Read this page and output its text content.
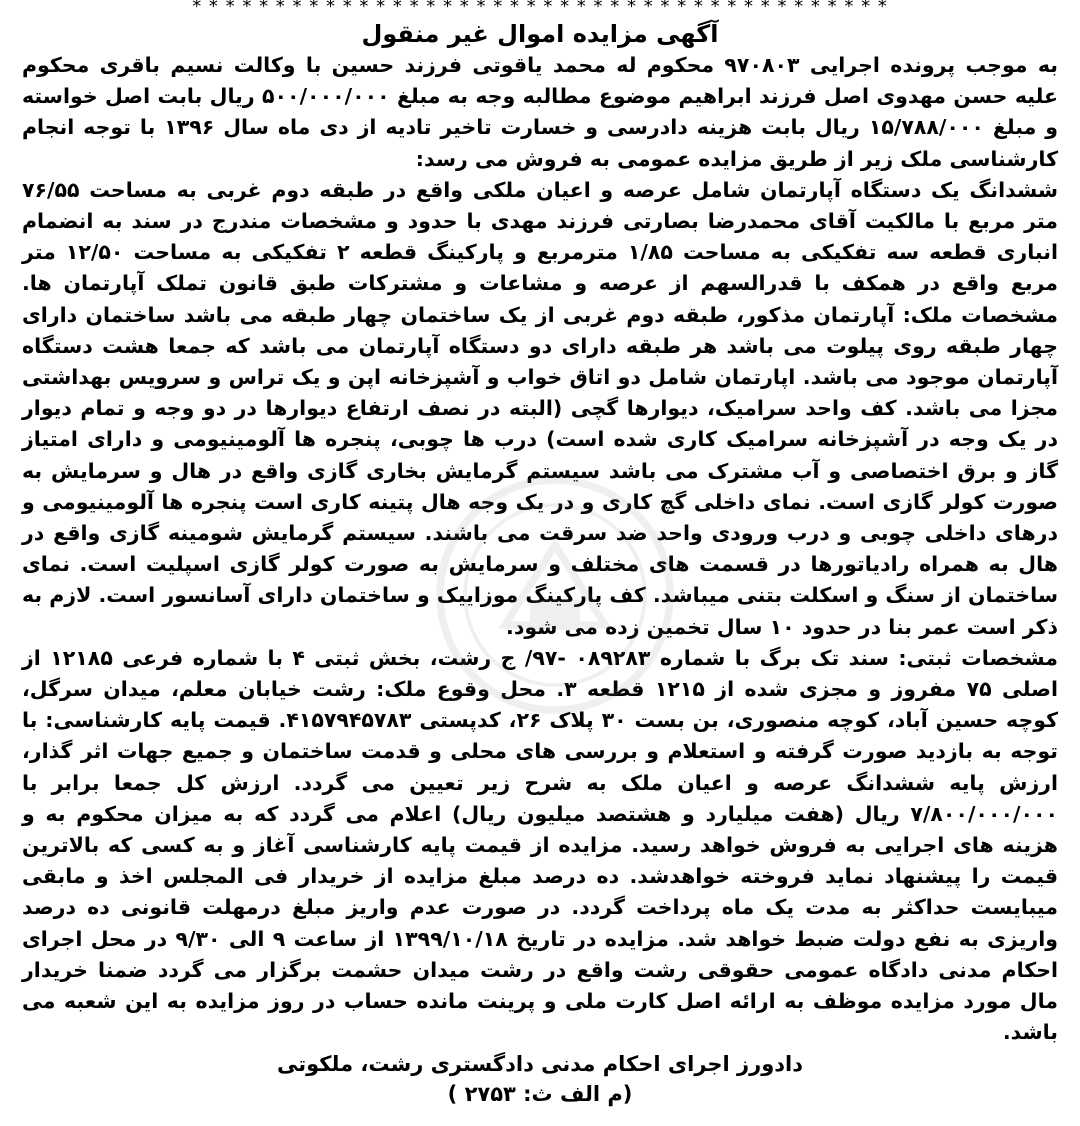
* * * * * * * * * * * * * * * * * * * * * * * * * * * * * * * * * * * * * * * * * *
آگهی مزایده اموال غیر منقول

به موجب پرونده اجرایی ۹۷۰۸۰۳ محکوم له محمد یاقوتی فرزند حسین با وکالت نسیم باقری محکوم علیه حسن مهدوی اصل فرزند ابراهیم موضوع مطالبه وجه به مبلغ ۵۰۰/۰۰۰/۰۰۰ ریال بابت اصل خواسته و مبلغ ۱۵/۷۸۸/۰۰۰ ریال بابت هزینه دادرسی و خسارت تاخیر تادیه از دی ماه سال ۱۳۹۶ با توجه انجام کارشناسی ملک زیر از طریق مزایده عمومی به فروش می رسد:

ششدانگ یک دستگاه آپارتمان شامل عرصه و اعیان ملکی واقع در طبقه دوم غربی به مساحت ۷۶/۵۵ متر مربع با مالکیت آقای محمدرضا بصارتی فرزند مهدی با حدود و مشخصات مندرج در سند به انضمام انباری قطعه سه تفکیکی به مساحت ۱/۸۵ مترمربع و پارکینگ قطعه ۲ تفکیکی به مساحت ۱۲/۵۰ متر مربع واقع در همکف با قدرالسهم از عرصه و مشاعات و مشترکات طبق قانون تملک آپارتمان ها. مشخصات ملک: آپارتمان مذکور، طبقه دوم غربی از یک ساختمان چهار طبقه می باشد ساختمان دارای چهار طبقه روی پیلوت می باشد هر طبقه دارای دو دستگاه آپارتمان می باشد که جمعا هشت دستگاه آپارتمان موجود می باشد. اپارتمان شامل دو اتاق خواب و آشپزخانه اپن و یک تراس و سرویس بهداشتی مجزا می باشد. کف واحد سرامیک، دیوارها گچی (البته در نصف ارتفاع دیوارها در دو وجه و تمام دیوار در یک وجه در آشپزخانه سرامیک کاری شده است) درب ها چوبی، پنجره ها آلومینیومی و دارای امتیاز گاز و برق اختصاصی و آب مشترک می باشد سیستم گرمایش بخاری گازی واقع در هال و سرمایش به صورت کولر گازی است. نمای داخلی گچ کاری و در یک وجه هال پتینه کاری است پنجره ها آلومینیومی و درهای داخلی چوبی و درب ورودی واحد ضد سرقت می باشند. سیستم گرمایش شومینه گازی واقع در هال به همراه رادیاتورها در قسمت های مختلف و سرمایش به صورت کولر گازی اسپلیت است. نمای ساختمان از سنگ و اسکلت بتنی میباشد. کف پارکینگ موزاییک و ساختمان دارای آسانسور است. لازم به ذکر است عمر بنا در حدود ۱۰ سال تخمین زده می شود.

مشخصات ثبتی: سند تک برگ با شماره ۰۸۹۲۸۳ -۹۷/ ج رشت، بخش ثبتی ۴ با شماره فرعی ۱۲۱۸۵ از اصلی ۷۵ مفروز و مجزی شده از ۱۲۱۵ قطعه ۳. محل وقوع ملک: رشت خیابان معلم، میدان سرگل، کوچه حسین آباد، کوچه منصوری، بن بست ۳۰ پلاک ۲۶، کدپستی ۴۱۵۷۹۴۵۷۸۳. قیمت پایه کارشناسی: با توجه به بازدید صورت گرفته و استعلام و بررسی های محلی و قدمت ساختمان و جمیع جهات اثر گذار، ارزش پایه ششدانگ عرصه و اعیان ملک به شرح زیر تعیین می گردد. ارزش کل جمعا برابر با ۷/۸۰۰/۰۰۰/۰۰۰ ریال (هفت میلیارد و هشتصد میلیون ریال) اعلام می گردد که به میزان محکوم به و هزینه های اجرایی به فروش خواهد رسید. مزایده از قیمت پایه کارشناسی آغاز و به کسی که بالاترین قیمت را پیشنهاد نماید فروخته خواهدشد. ده درصد مبلغ مزایده از خریدار فی المجلس اخذ و مابقی میبایست حداکثر به مدت یک ماه پرداخت گردد. در صورت عدم واریز مبلغ درمهلت قانونی ده درصد واریزی به نفع دولت ضبط خواهد شد. مزایده در تاریخ ۱۳۹۹/۱۰/۱۸ از ساعت ۹ الی ۹/۳۰ در محل اجرای احکام مدنی دادگاه عمومی حقوقی رشت واقع در رشت میدان حشمت برگزار می گردد ضمنا خریدار مال مورد مزایده موظف به ارائه اصل کارت ملی و پرینت مانده حساب در روز مزایده به این شعبه می باشد.

دادورز اجرای احکام مدنی دادگستری رشت، ملکوتی

(م الف ث: ۲۷۵۳ )
